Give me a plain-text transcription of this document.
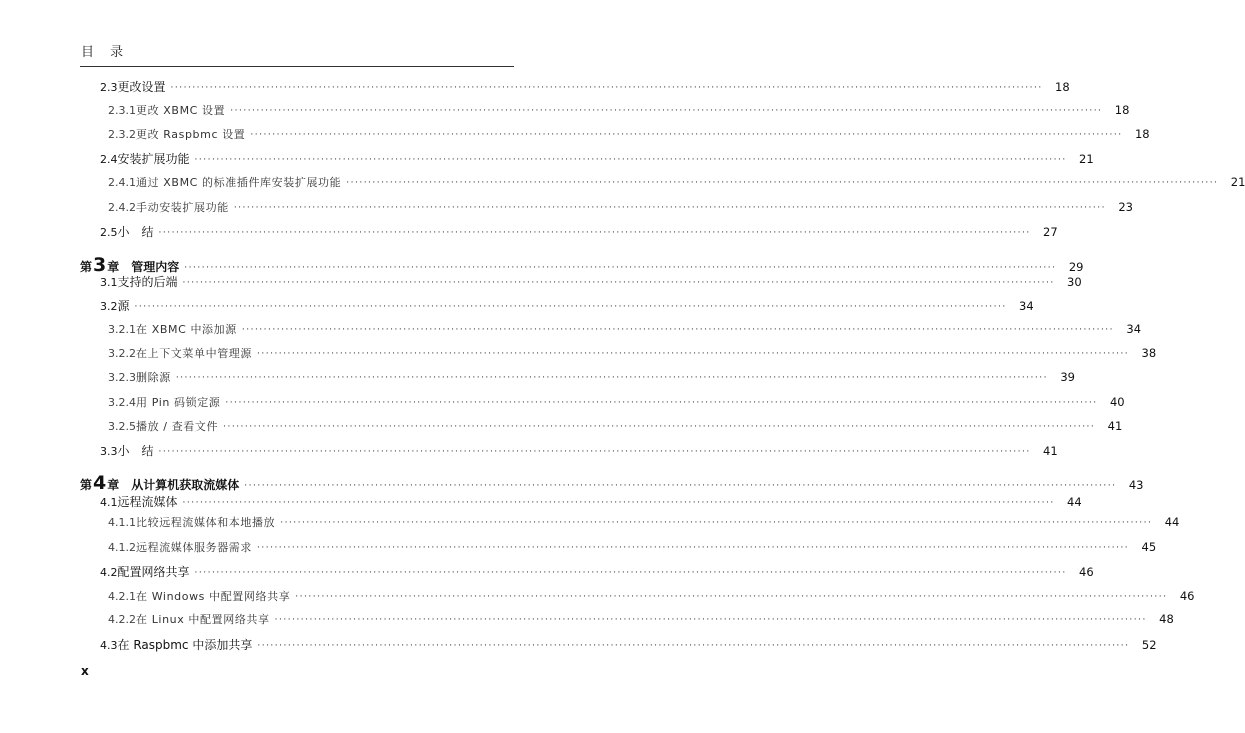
目 录
2.3 更改设置 ········································································································································································································	18
2.3.1 更改 XBMC 设置 ········································································································································································································	18
2.3.2 更改 Raspbmc 设置 ········································································································································································································	18
2.4 安装扩展功能 ········································································································································································································	21
2.4.1 通过 XBMC 的标准插件库安装扩展功能 ········································································································································································································	21
2.4.2 手动安装扩展功能 ········································································································································································································	23
2.5 小　结 ········································································································································································································	27
第3章 管理内容 ········································································································································································································	29
3.1 支持的后端 ········································································································································································································	30
3.2 源 ········································································································································································································	34
3.2.1 在 XBMC 中添加源 ········································································································································································································	34
3.2.2 在上下文菜单中管理源 ········································································································································································································	38
3.2.3 删除源 ········································································································································································································	39
3.2.4 用 Pin 码锁定源 ········································································································································································································	40
3.2.5 播放 / 查看文件 ········································································································································································································	41
3.3 小　结 ········································································································································································································	41
第4章 从计算机获取流媒体 ········································································································································································································	43
4.1 远程流媒体 ········································································································································································································	44
4.1.1 比较远程流媒体和本地播放 ········································································································································································································	44
4.1.2 远程流媒体服务器需求 ········································································································································································································	45
4.2 配置网络共享 ········································································································································································································	46
4.2.1 在 Windows 中配置网络共享 ········································································································································································································	46
4.2.2 在 Linux 中配置网络共享 ········································································································································································································	48
4.3 在 Raspbmc 中添加共享 ········································································································································································································	52
x
